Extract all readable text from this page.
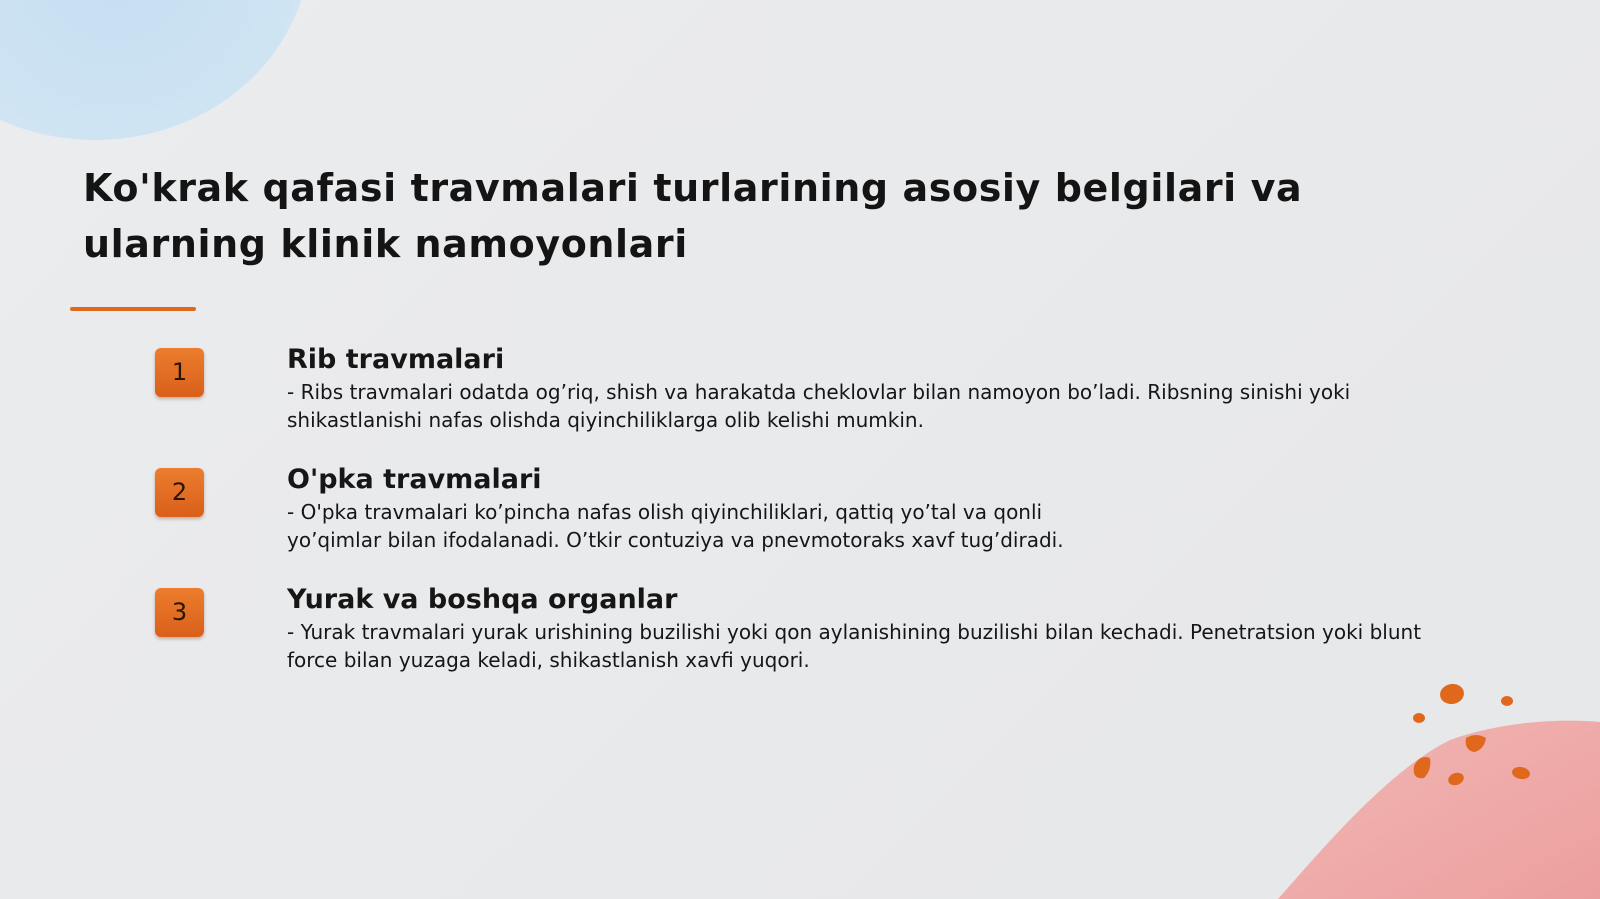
Ko'krak qafasi travmalari turlarining asosiy belgilari va ularning klinik namoyonlari
1	Rib travmalari

- Ribs travmalari odatda og’riq, shish va harakatda cheklovlar bilan namoyon bo’ladi. Ribsning sinishi yoki shikastlanishi nafas olishda qiyinchiliklarga olib kelishi mumkin.

2	O'pka travmalari

- O'pka travmalari ko’pincha nafas olish qiyinchiliklari, qattiq yo’tal va qonli yo’qimlar bilan ifodalanadi. O’tkir contuziya va pnevmotoraks xavf tug’diradi.

3	Yurak va boshqa organlar

- Yurak travmalari yurak urishining buzilishi yoki qon aylanishining buzilishi bilan kechadi. Penetratsion yoki blunt force bilan yuzaga keladi, shikastlanish xavfi yuqori.
